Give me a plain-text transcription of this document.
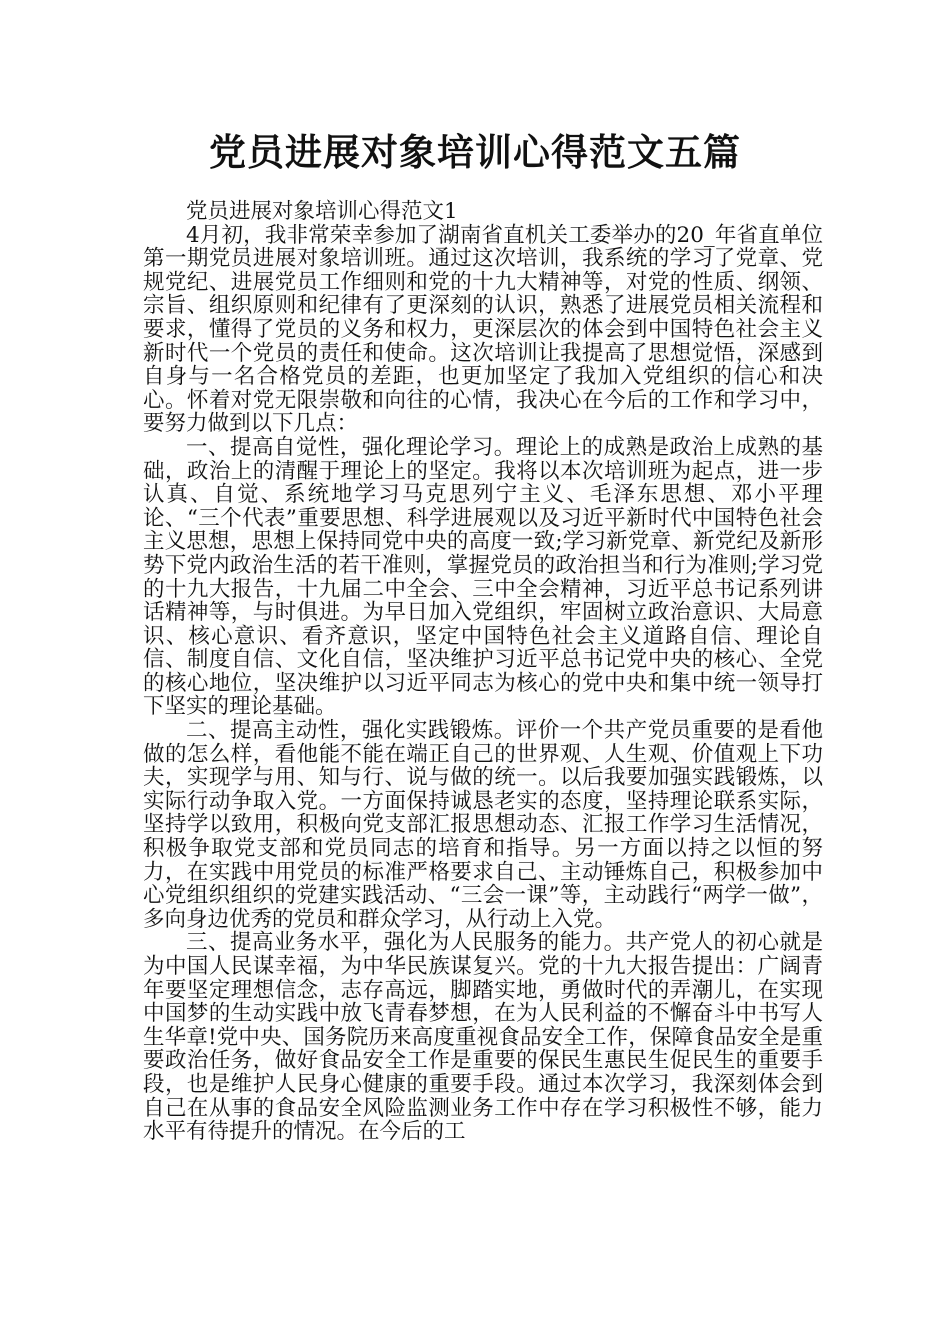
党员进展对象培训心得范文五篇

党员进展对象培训心得范文1

4月初，我非常荣幸参加了湖南省直机关工委举办的20_年省直单位第一期党员进展对象培训班。通过这次培训，我系统的学习了党章、党规党纪、进展党员工作细则和党的十九大精神等，对党的性质、纲领、宗旨、组织原则和纪律有了更深刻的认识，熟悉了进展党员相关流程和要求，懂得了党员的义务和权力，更深层次的体会到中国特色社会主义新时代一个党员的责任和使命。这次培训让我提高了思想觉悟，深感到自身与一名合格党员的差距，也更加坚定了我加入党组织的信心和决心。怀着对党无限崇敬和向往的心情，我决心在今后的工作和学习中，要努力做到以下几点：

一、提高自觉性，强化理论学习。理论上的成熟是政治上成熟的基础，政治上的清醒于理论上的坚定。我将以本次培训班为起点，进一步认真、自觉、系统地学习马克思列宁主义、毛泽东思想、邓小平理论、“三个代表”重要思想、科学进展观以及习近平新时代中国特色社会主义思想，思想上保持同党中央的高度一致;学习新党章、新党纪及新形势下党内政治生活的若干准则，掌握党员的政治担当和行为准则;学习党的十九大报告，十九届二中全会、三中全会精神，习近平总书记系列讲话精神等，与时俱进。为早日加入党组织，牢固树立政治意识、大局意识、核心意识、看齐意识，坚定中国特色社会主义道路自信、理论自信、制度自信、文化自信，坚决维护习近平总书记党中央的核心、全党的核心地位，坚决维护以习近平同志为核心的党中央和集中统一领导打下坚实的理论基础。

二、提高主动性，强化实践锻炼。评价一个共产党员重要的是看他做的怎么样，看他能不能在端正自己的世界观、人生观、价值观上下功夫，实现学与用、知与行、说与做的统一。以后我要加强实践锻炼，以实际行动争取入党。一方面保持诚恳老实的态度，坚持理论联系实际，坚持学以致用，积极向党支部汇报思想动态、汇报工作学习生活情况，积极争取党支部和党员同志的培育和指导。另一方面以持之以恒的努力，在实践中用党员的标准严格要求自己、主动锤炼自己，积极参加中心党组织组织的党建实践活动、“三会一课”等，主动践行“两学一做”，多向身边优秀的党员和群众学习，从行动上入党。

三、提高业务水平，强化为人民服务的能力。共产党人的初心就是为中国人民谋幸福，为中华民族谋复兴。党的十九大报告提出：广阔青年要坚定理想信念，志存高远，脚踏实地，勇做时代的弄潮儿，在实现中国梦的生动实践中放飞青春梦想，在为人民利益的不懈奋斗中书写人生华章!党中央、国务院历来高度重视食品安全工作，保障食品安全是重要政治任务，做好食品安全工作是重要的保民生惠民生促民生的重要手段，也是维护人民身心健康的重要手段。通过本次学习，我深刻体会到自己在从事的食品安全风险监测业务工作中存在学习积极性不够，能力水平有待提升的情况。在今后的工
